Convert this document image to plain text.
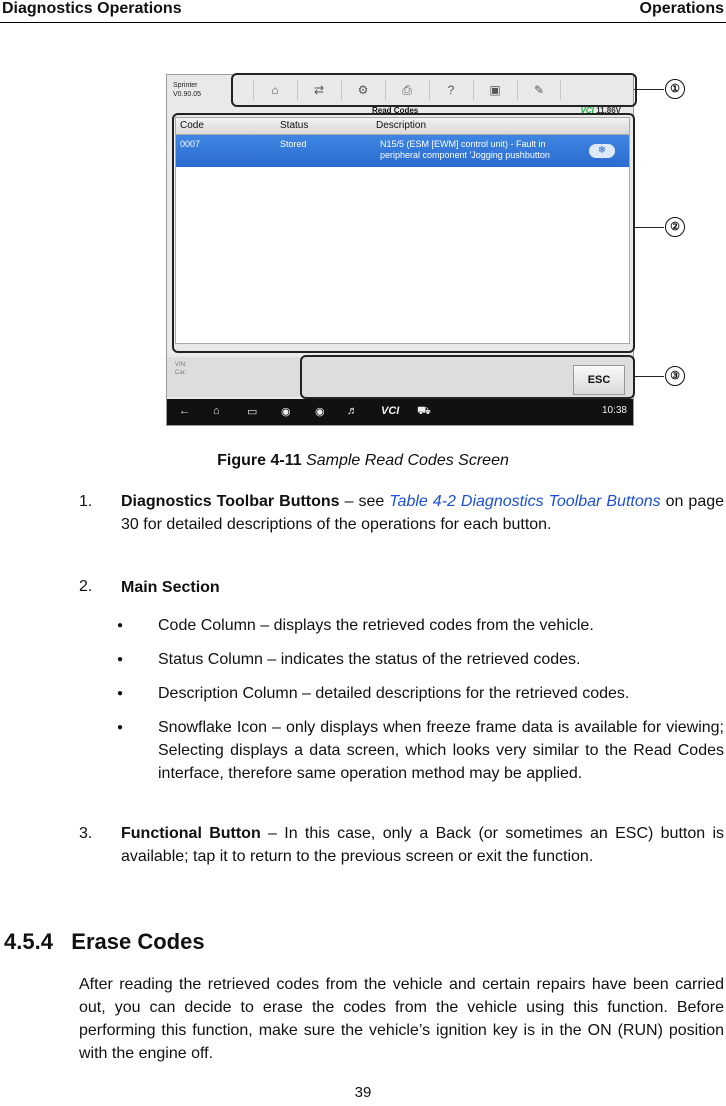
Diagnostics Operations	Operations
Sprinter
V0.90.05	⌂	⇄	⚙	⎙	?	▣	✎
Read Codes	VCI 11.86V
Code	Status	Description
0007	Stored	N15/5 (ESM [EWM] control unit) - Fault in peripheral component 'Jogging pushbutton	❄
VIN:
Car:
ESC
← ⌂ ▭ ◉ ◉ ♬ VCI ⛟	10:38
①
②
③
Figure 4-11 Sample Read Codes Screen
1. Diagnostics Toolbar Buttons – see Table 4-2 Diagnostics Toolbar Buttons on page 30 for detailed descriptions of the operations for each button.
2. Main Section
● Code Column – displays the retrieved codes from the vehicle.
● Status Column – indicates the status of the retrieved codes.
● Description Column – detailed descriptions for the retrieved codes.
● Snowflake Icon – only displays when freeze frame data is available for viewing; Selecting displays a data screen, which looks very similar to the Read Codes interface, therefore same operation method may be applied.
3. Functional Button – In this case, only a Back (or sometimes an ESC) button is available; tap it to return to the previous screen or exit the function.
4.5.4 Erase Codes
After reading the retrieved codes from the vehicle and certain repairs have been carried out, you can decide to erase the codes from the vehicle using this function. Before performing this function, make sure the vehicle’s ignition key is in the ON (RUN) position with the engine off.
39
